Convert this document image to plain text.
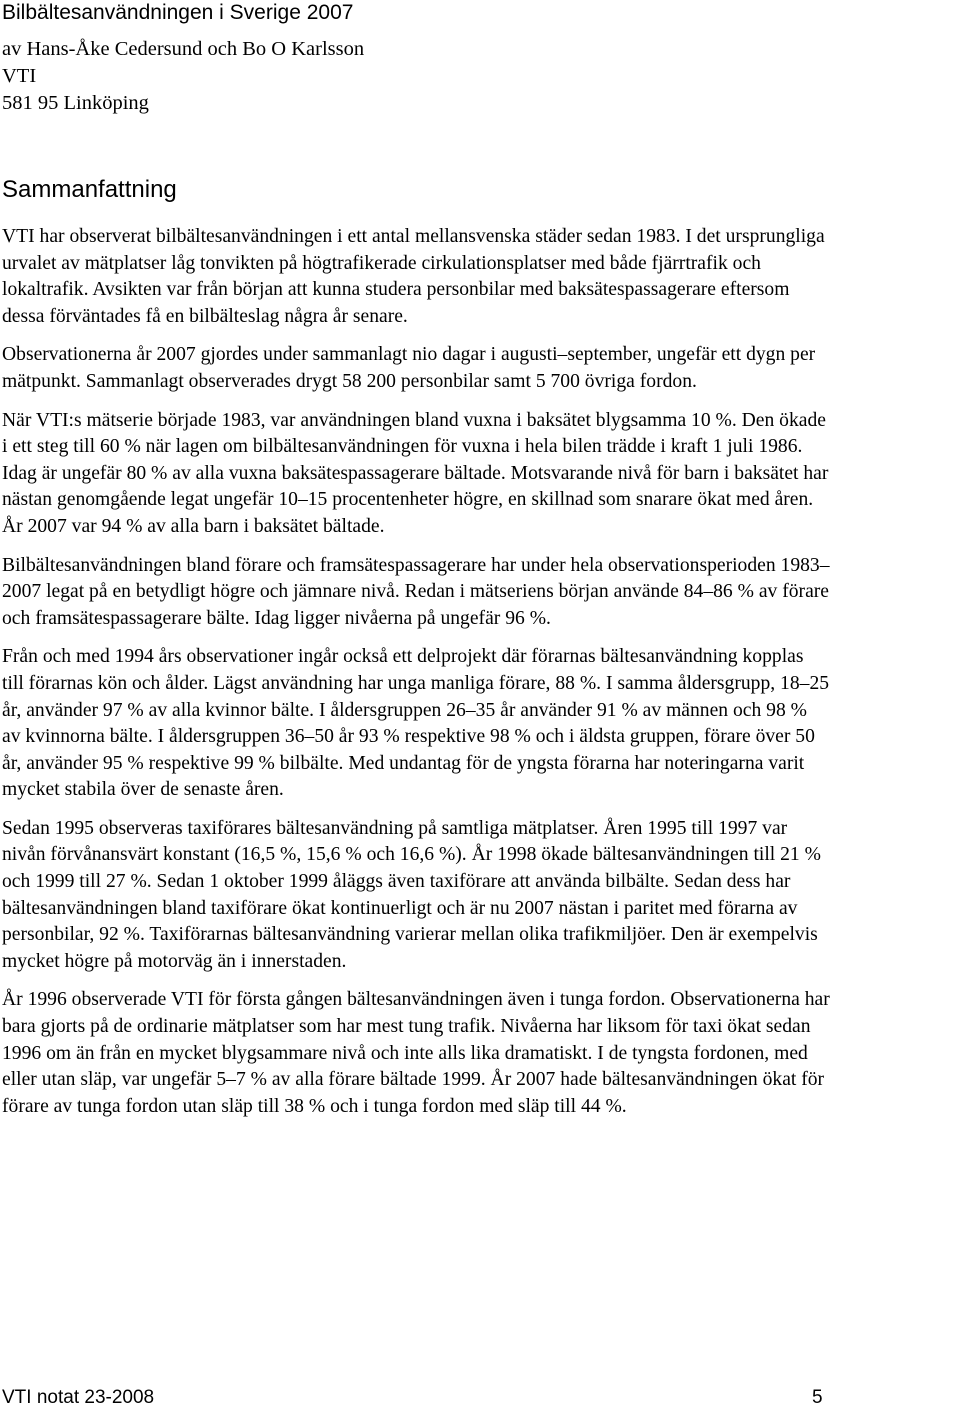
Bilbältesanvändningen i Sverige 2007
av Hans-Åke Cedersund och Bo O Karlsson
VTI
581 95 Linköping
Sammanfattning

VTI har observerat bilbältesanvändningen i ett antal mellansvenska städer sedan 1983. I det ursprungliga urvalet av mätplatser låg tonvikten på högtrafikerade cirkulationsplatser med både fjärrtrafik och lokaltrafik. Avsikten var från början att kunna studera personbilar med baksätespassagerare eftersom dessa förväntades få en bilbälteslag några år senare.

Observationerna år 2007 gjordes under sammanlagt nio dagar i augusti–september, ungefär ett dygn per mätpunkt. Sammanlagt observerades drygt 58 200 personbilar samt 5 700 övriga fordon.

När VTI:s mätserie började 1983, var användningen bland vuxna i baksätet blygsamma 10 %. Den ökade i ett steg till 60 % när lagen om bilbältesanvändningen för vuxna i hela bilen trädde i kraft 1 juli 1986. Idag är ungefär 80 % av alla vuxna baksätespassagerare bältade. Motsvarande nivå för barn i baksätet har nästan genomgående legat ungefär 10–15 procentenheter högre, en skillnad som snarare ökat med åren. År 2007 var 94 % av alla barn i baksätet bältade.

Bilbältesanvändningen bland förare och framsätespassagerare har under hela observationsperioden 1983–2007 legat på en betydligt högre och jämnare nivå. Redan i mätseriens början använde 84–86 % av förare och framsätespassagerare bälte. Idag ligger nivåerna på ungefär 96 %.

Från och med 1994 års observationer ingår också ett delprojekt där förarnas bältesanvändning kopplas till förarnas kön och ålder. Lägst användning har unga manliga förare, 88 %. I samma åldersgrupp, 18–25 år, använder 97 % av alla kvinnor bälte. I åldersgruppen 26–35 år använder 91 % av männen och 98 % av kvinnorna bälte. I åldersgruppen 36–50 år 93 % respektive 98 % och i äldsta gruppen, förare över 50 år, använder 95 % respektive 99 % bilbälte. Med undantag för de yngsta förarna har noteringarna varit mycket stabila över de senaste åren.

Sedan 1995 observeras taxiförares bältesanvändning på samtliga mätplatser. Åren 1995 till 1997 var nivån förvånansvärt konstant (16,5 %, 15,6 % och 16,6 %). År 1998 ökade bältesanvändningen till 21 % och 1999 till 27 %. Sedan 1 oktober 1999 åläggs även taxiförare att använda bilbälte. Sedan dess har bältesanvändningen bland taxiförare ökat kontinuerligt och är nu 2007 nästan i paritet med förarna av personbilar, 92 %. Taxiförarnas bältesanvändning varierar mellan olika trafikmiljöer. Den är exempelvis mycket högre på motorväg än i innerstaden.

År 1996 observerade VTI för första gången bältesanvändningen även i tunga fordon. Observationerna har bara gjorts på de ordinarie mätplatser som har mest tung trafik. Nivåerna har liksom för taxi ökat sedan 1996 om än från en mycket blygsammare nivå och inte alls lika dramatiskt. I de tyngsta fordonen, med eller utan släp, var ungefär 5–7 % av alla förare bältade 1999. År 2007 hade bältesanvändningen ökat för förare av tunga fordon utan släp till 38 % och i tunga fordon med släp till 44 %.

VTI notat 23-2008	5
